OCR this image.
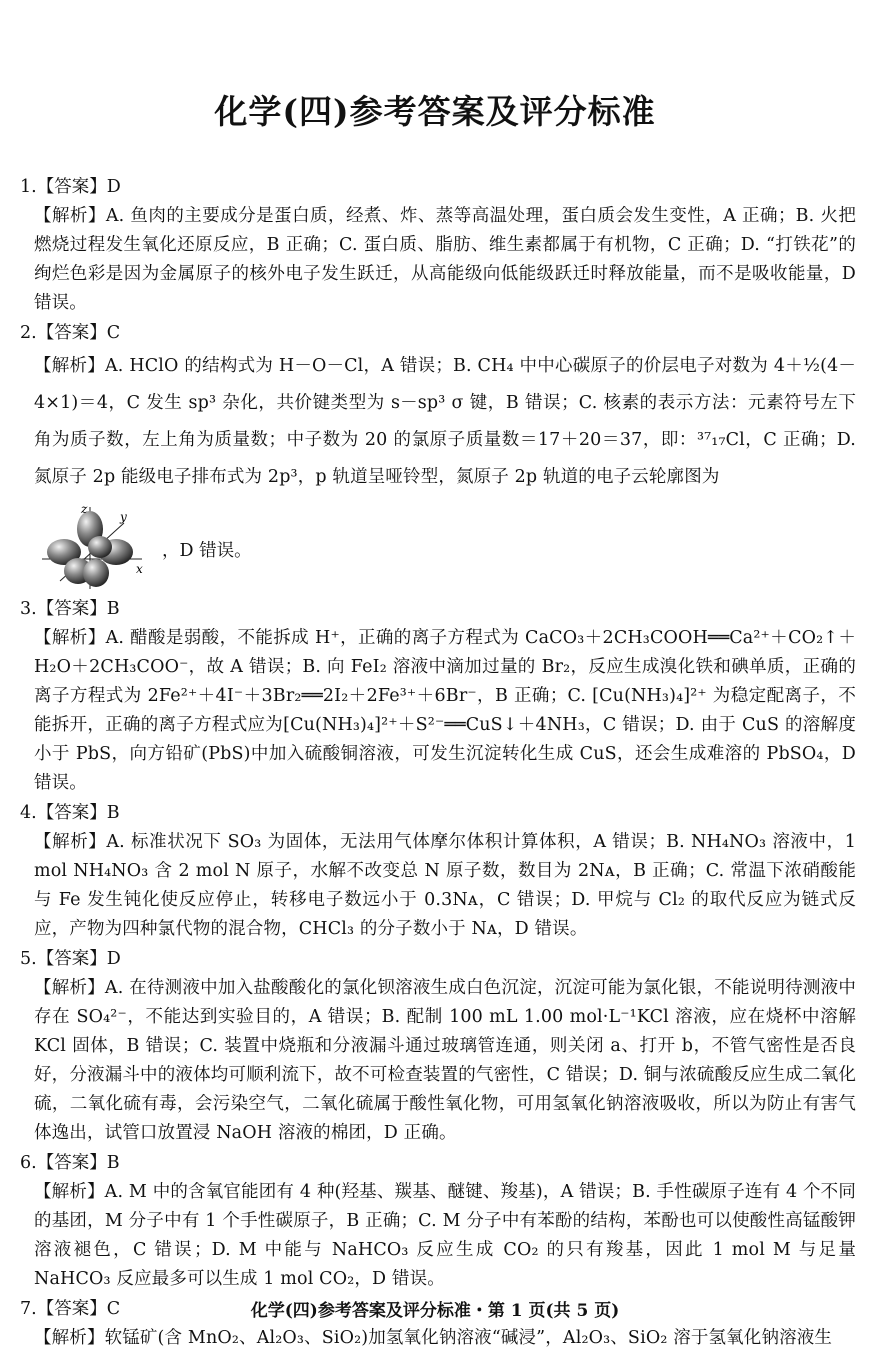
化学(四)参考答案及评分标准
1.【答案】D
【解析】A. 鱼肉的主要成分是蛋白质，经煮、炸、蒸等高温处理，蛋白质会发生变性，A 正确；B. 火把燃烧过程发生氧化还原反应，B 正确；C. 蛋白质、脂肪、维生素都属于有机物，C 正确；D. “打铁花”的绚烂色彩是因为金属原子的核外电子发生跃迁，从高能级向低能级跃迁时释放能量，而不是吸收能量，D 错误。
2.【答案】C
【解析】A. HClO 的结构式为 H－O－Cl，A 错误；B. CH₄ 中中心碳原子的价层电子对数为 4＋½(4－4×1)＝4，C 发生 sp³ 杂化，共价键类型为 s－sp³ σ 键，B 错误；C. 核素的表示方法：元素符号左下角为质子数，左上角为质量数；中子数为 20 的氯原子质量数＝17＋20＝37，即：³⁷₁₇Cl，C 正确；D. 氮原子 2p 能级电子排布式为 2p³，p 轨道呈哑铃型，氮原子 2p 轨道的电子云轮廓图为
z
y
x
，D 错误。
3.【答案】B
【解析】A. 醋酸是弱酸，不能拆成 H⁺，正确的离子方程式为 CaCO₃＋2CH₃COOH══Ca²⁺＋CO₂↑＋H₂O＋2CH₃COO⁻，故 A 错误；B. 向 FeI₂ 溶液中滴加过量的 Br₂，反应生成溴化铁和碘单质，正确的离子方程式为 2Fe²⁺＋4I⁻＋3Br₂══2I₂＋2Fe³⁺＋6Br⁻，B 正确；C. [Cu(NH₃)₄]²⁺ 为稳定配离子，不能拆开，正确的离子方程式应为[Cu(NH₃)₄]²⁺＋S²⁻══CuS↓＋4NH₃，C 错误；D. 由于 CuS 的溶解度小于 PbS，向方铅矿(PbS)中加入硫酸铜溶液，可发生沉淀转化生成 CuS，还会生成难溶的 PbSO₄，D 错误。
4.【答案】B
【解析】A. 标准状况下 SO₃ 为固体，无法用气体摩尔体积计算体积，A 错误；B. NH₄NO₃ 溶液中，1 mol NH₄NO₃ 含 2 mol N 原子，水解不改变总 N 原子数，数目为 2Nᴀ，B 正确；C. 常温下浓硝酸能与 Fe 发生钝化使反应停止，转移电子数远小于 0.3Nᴀ，C 错误；D. 甲烷与 Cl₂ 的取代反应为链式反应，产物为四种氯代物的混合物，CHCl₃ 的分子数小于 Nᴀ，D 错误。
5.【答案】D
【解析】A. 在待测液中加入盐酸酸化的氯化钡溶液生成白色沉淀，沉淀可能为氯化银，不能说明待测液中存在 SO₄²⁻，不能达到实验目的，A 错误；B. 配制 100 mL 1.00 mol·L⁻¹KCl 溶液，应在烧杯中溶解 KCl 固体，B 错误；C. 装置中烧瓶和分液漏斗通过玻璃管连通，则关闭 a、打开 b，不管气密性是否良好，分液漏斗中的液体均可顺利流下，故不可检查装置的气密性，C 错误；D. 铜与浓硫酸反应生成二氧化硫，二氧化硫有毒，会污染空气，二氧化硫属于酸性氧化物，可用氢氧化钠溶液吸收，所以为防止有害气体逸出，试管口放置浸 NaOH 溶液的棉团，D 正确。
6.【答案】B
【解析】A. M 中的含氧官能团有 4 种(羟基、羰基、醚键、羧基)，A 错误；B. 手性碳原子连有 4 个不同的基团，M 分子中有 1 个手性碳原子，B 正确；C. M 分子中有苯酚的结构，苯酚也可以使酸性高锰酸钾溶液褪色，C 错误；D. M 中能与 NaHCO₃ 反应生成 CO₂ 的只有羧基，因此 1 mol M 与足量 NaHCO₃ 反应最多可以生成 1 mol CO₂，D 错误。
7.【答案】C
【解析】软锰矿(含 MnO₂、Al₂O₃、SiO₂)加氢氧化钠溶液“碱浸”，Al₂O₃、SiO₂ 溶于氢氧化钠溶液生
化学(四)参考答案及评分标准・第 1 页(共 5 页)
